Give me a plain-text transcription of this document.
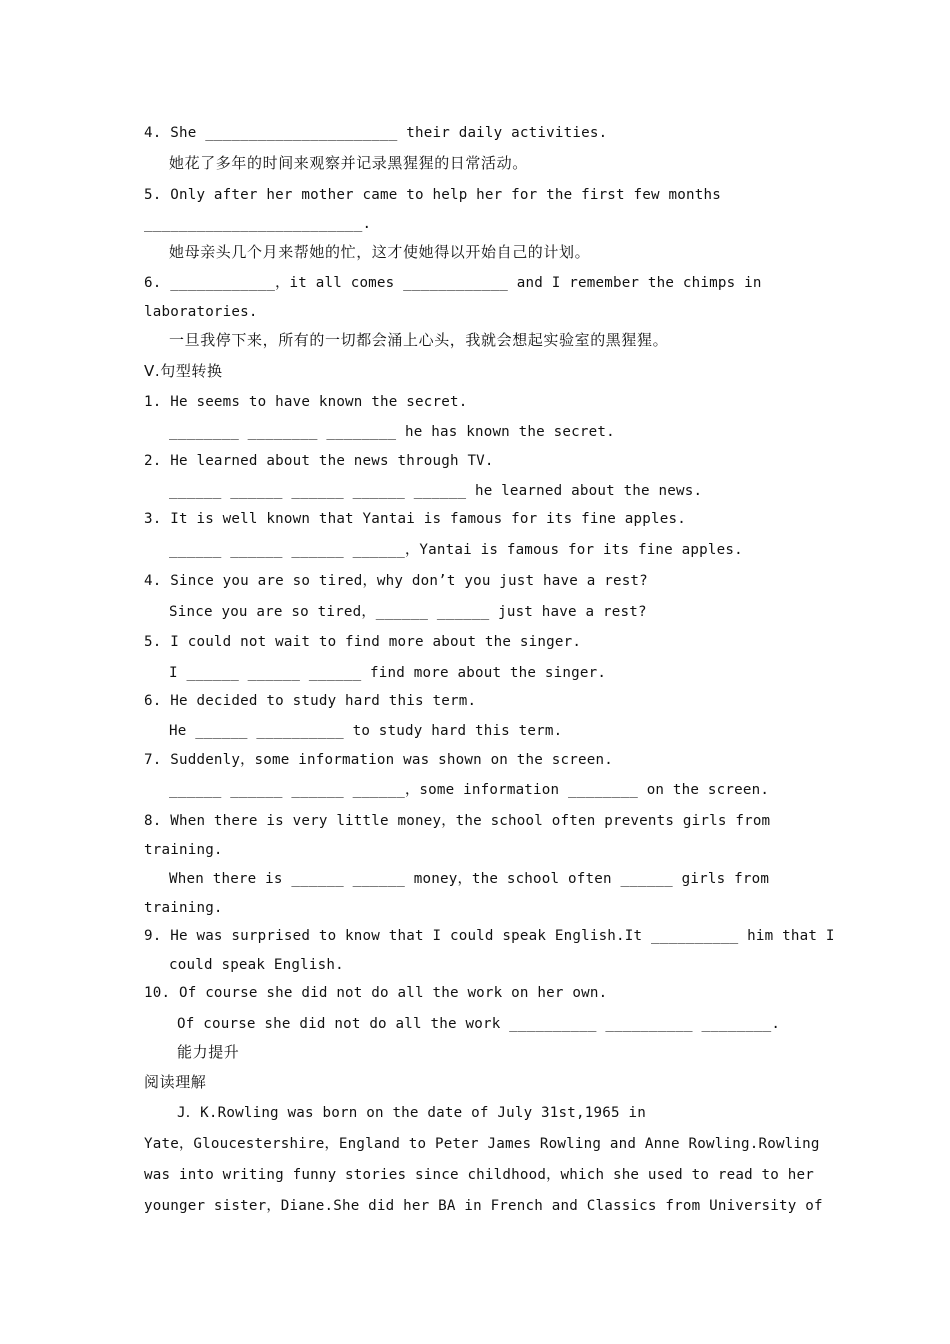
4. She ______________________ their daily activities.
她花了多年的时间来观察并记录黑猩猩的日常活动。
5. Only after her mother came to help her for the first few months
_________________________.
她母亲头几个月来帮她的忙，这才使她得以开始自己的计划。
6. ____________，it all comes ____________ and I remember the chimps in
laboratories.
一旦我停下来，所有的一切都会涌上心头，我就会想起实验室的黑猩猩。
Ⅴ.句型转换
1. He seems to have known the secret.
________ ________ ________ he has known the secret.
2. He learned about the news through TV.
______ ______ ______ ______ ______ he learned about the news.
3. It is well known that Yantai is famous for its fine apples.
______ ______ ______ ______，Yantai is famous for its fine apples.
4. Since you are so tired，why don’t you just have a rest?
Since you are so tired，______ ______ just have a rest?
5. I could not wait to find more about the singer.
I ______ ______ ______ find more about the singer.
6. He decided to study hard this term.
He ______ __________ to study hard this term.
7. Suddenly，some information was shown on the screen.
______ ______ ______ ______，some information ________ on the screen.
8. When there is very little money，the school often prevents girls from
training.
When there is ______ ______ money，the school often ______ girls from
training.
9. He was surprised to know that I could speak English.It __________ him that I
could speak English.
10. Of course she did not do all the work on her own.
Of course she did not do all the work __________ __________ ________.
能力提升
阅读理解
J．K.Rowling was born on the date of July 31st,1965 in
Yate，Gloucestershire，England to Peter James Rowling and Anne Rowling.Rowling
was into writing funny stories since childhood，which she used to read to her
younger sister，Diane.She did her BA in French and Classics from University of
